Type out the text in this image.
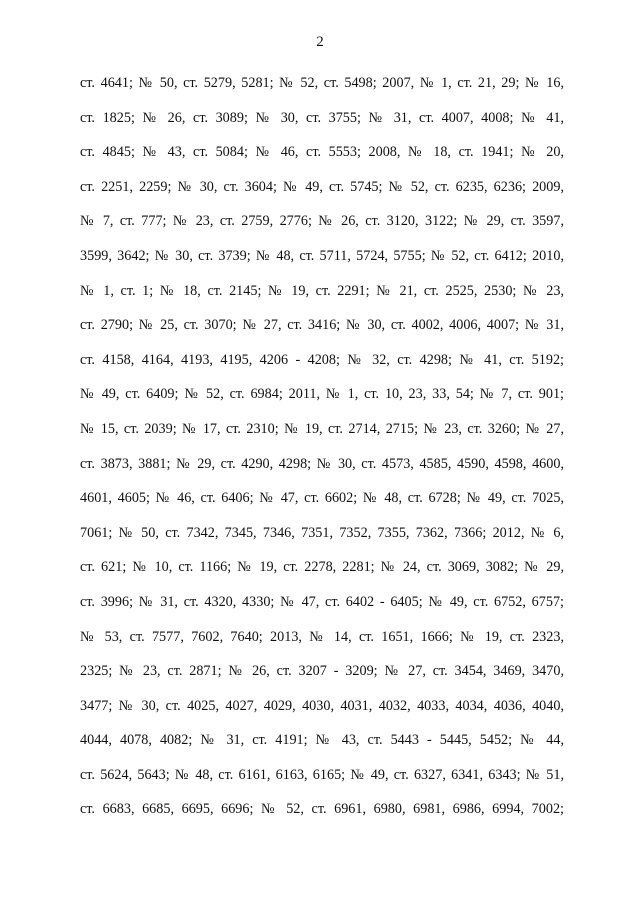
2
ст. 4641; № 50, ст. 5279, 5281; № 52, ст. 5498; 2007, № 1, ст. 21, 29; № 16,
ст. 1825; № 26, ст. 3089; № 30, ст. 3755; № 31, ст. 4007, 4008; № 41,
ст. 4845; № 43, ст. 5084; № 46, ст. 5553; 2008, № 18, ст. 1941; № 20,
ст. 2251, 2259; № 30, ст. 3604; № 49, ст. 5745; № 52, ст. 6235, 6236; 2009,
№ 7, ст. 777; № 23, ст. 2759, 2776; № 26, ст. 3120, 3122; № 29, ст. 3597,
3599, 3642; № 30, ст. 3739; № 48, ст. 5711, 5724, 5755; № 52, ст. 6412; 2010,
№ 1, ст. 1; № 18, ст. 2145; № 19, ст. 2291; № 21, ст. 2525, 2530; № 23,
ст. 2790; № 25, ст. 3070; № 27, ст. 3416; № 30, ст. 4002, 4006, 4007; № 31,
ст. 4158, 4164, 4193, 4195, 4206 - 4208; № 32, ст. 4298; № 41, ст. 5192;
№ 49, ст. 6409; № 52, ст. 6984; 2011, № 1, ст. 10, 23, 33, 54; № 7, ст. 901;
№ 15, ст. 2039; № 17, ст. 2310; № 19, ст. 2714, 2715; № 23, ст. 3260; № 27,
ст. 3873, 3881; № 29, ст. 4290, 4298; № 30, ст. 4573, 4585, 4590, 4598, 4600,
4601, 4605; № 46, ст. 6406; № 47, ст. 6602; № 48, ст. 6728; № 49, ст. 7025,
7061; № 50, ст. 7342, 7345, 7346, 7351, 7352, 7355, 7362, 7366; 2012, № 6,
ст. 621; № 10, ст. 1166; № 19, ст. 2278, 2281; № 24, ст. 3069, 3082; № 29,
ст. 3996; № 31, ст. 4320, 4330; № 47, ст. 6402 - 6405; № 49, ст. 6752, 6757;
№ 53, ст. 7577, 7602, 7640; 2013, № 14, ст. 1651, 1666; № 19, ст. 2323,
2325; № 23, ст. 2871; № 26, ст. 3207 - 3209; № 27, ст. 3454, 3469, 3470,
3477; № 30, ст. 4025, 4027, 4029, 4030, 4031, 4032, 4033, 4034, 4036, 4040,
4044, 4078, 4082; № 31, ст. 4191; № 43, ст. 5443 - 5445, 5452; № 44,
ст. 5624, 5643; № 48, ст. 6161, 6163, 6165; № 49, ст. 6327, 6341, 6343; № 51,
ст. 6683, 6685, 6695, 6696; № 52, ст. 6961, 6980, 6981, 6986, 6994, 7002;
